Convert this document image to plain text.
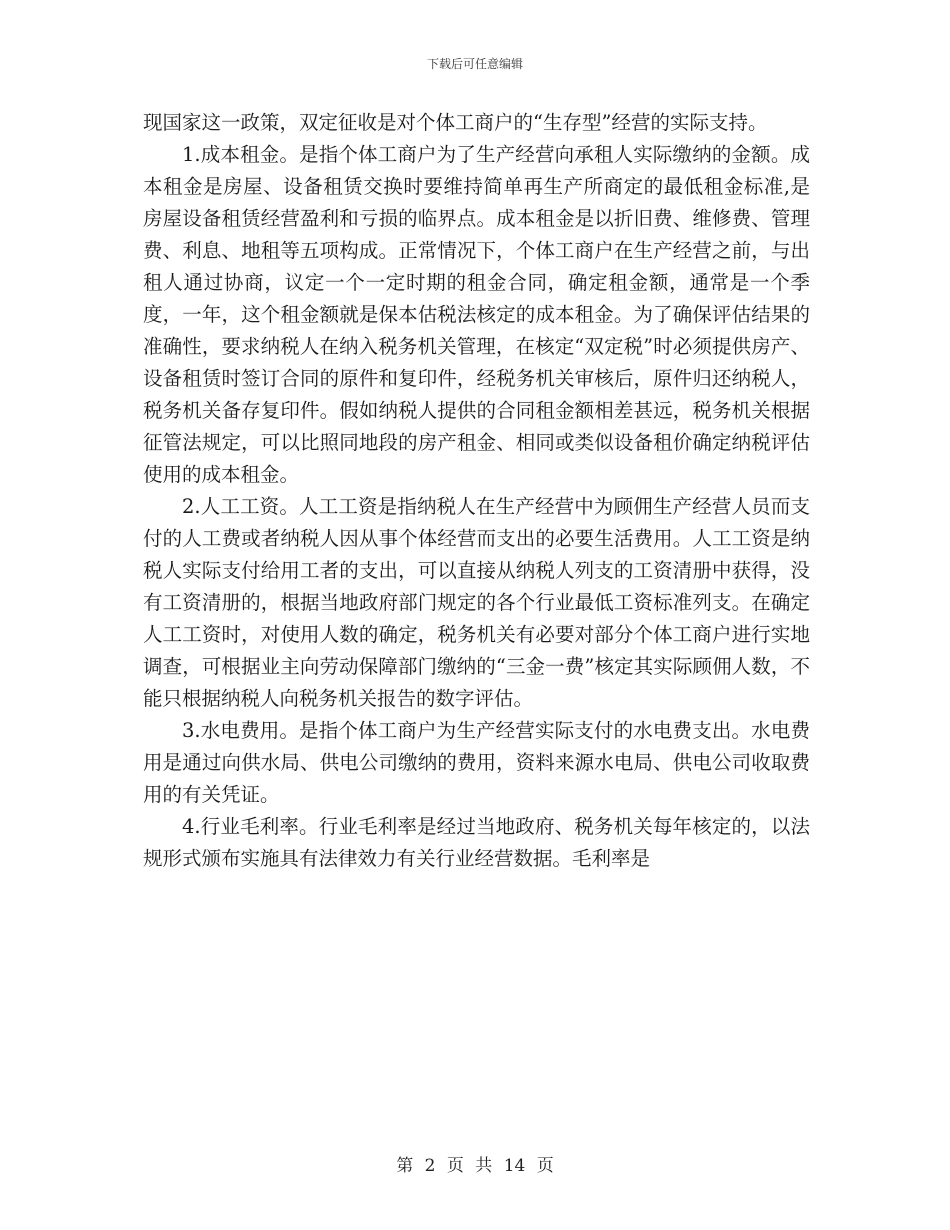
下载后可任意编辑

现国家这一政策，双定征收是对个体工商户的“生存型”经营的实际支持。

1.成本租金。是指个体工商户为了生产经营向承租人实际缴纳的金额。成本租金是房屋、设备租赁交换时要维持简单再生产所商定的最低租金标准,是房屋设备租赁经营盈利和亏损的临界点。成本租金是以折旧费、维修费、管理费、利息、地租等五项构成。正常情况下，个体工商户在生产经营之前，与出租人通过协商，议定一个一定时期的租金合同，确定租金额，通常是一个季度，一年，这个租金额就是保本估税法核定的成本租金。为了确保评估结果的准确性，要求纳税人在纳入税务机关管理，在核定“双定税”时必须提供房产、设备租赁时签订合同的原件和复印件，经税务机关审核后，原件归还纳税人，税务机关备存复印件。假如纳税人提供的合同租金额相差甚远，税务机关根据征管法规定，可以比照同地段的房产租金、相同或类似设备租价确定纳税评估使用的成本租金。

2.人工工资。人工工资是指纳税人在生产经营中为顾佣生产经营人员而支付的人工费或者纳税人因从事个体经营而支出的必要生活费用。人工工资是纳税人实际支付给用工者的支出，可以直接从纳税人列支的工资清册中获得，没有工资清册的，根据当地政府部门规定的各个行业最低工资标准列支。在确定人工工资时，对使用人数的确定，税务机关有必要对部分个体工商户进行实地调查，可根据业主向劳动保障部门缴纳的“三金一费”核定其实际顾佣人数，不能只根据纳税人向税务机关报告的数字评估。

3.水电费用。是指个体工商户为生产经营实际支付的水电费支出。水电费用是通过向供水局、供电公司缴纳的费用，资料来源水电局、供电公司收取费用的有关凭证。

4.行业毛利率。行业毛利率是经过当地政府、税务机关每年核定的，以法规形式颁布实施具有法律效力有关行业经营数据。毛利率是

第 2 页 共 14 页
